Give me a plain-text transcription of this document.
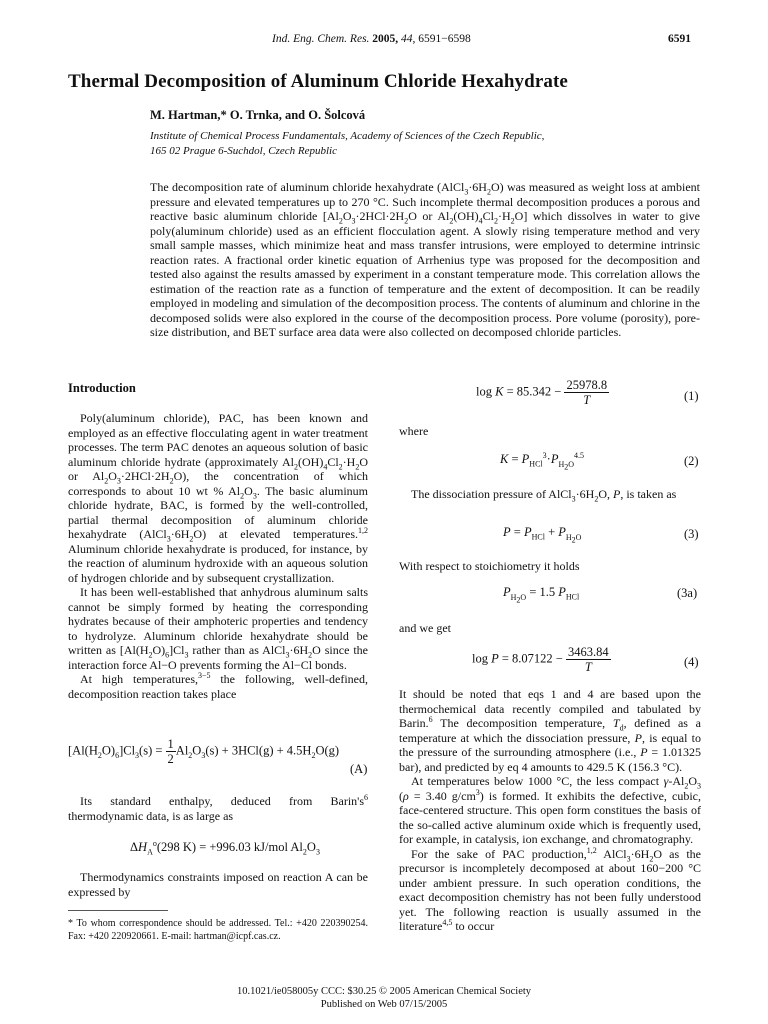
Ind. Eng. Chem. Res. 2005, 44, 6591−6598	6591
Thermal Decomposition of Aluminum Chloride Hexahydrate
M. Hartman,* O. Trnka, and O. Šolcová
Institute of Chemical Process Fundamentals, Academy of Sciences of the Czech Republic,
165 02 Prague 6-Suchdol, Czech Republic

The decomposition rate of aluminum chloride hexahydrate $(AlCl_3\cdot 6H_2O)$ was measured as weight loss at ambient pressure and elevated temperatures up to 270 °C. Such incomplete thermal decomposition produces a porous and reactive basic aluminum chloride [$Al_2O_3\cdot 2HCl\cdot 2H_2O$ or $Al_2(OH)_4Cl_2\cdot H_2O$] which dissolves in water to give poly(aluminum chloride) used as an efficient flocculation agent. A slowly rising temperature method and very small sample masses, which minimize heat and mass transfer intrusions, were employed to determine intrinsic reaction rates. A fractional order kinetic equation of Arrhenius type was proposed for the decomposition and tested also against the results amassed by experiment in a constant temperature mode. This correlation allows the estimation of the reaction rate as a function of temperature and the extent of decomposition. It can be readily employed in modeling and simulation of the decomposition process. The contents of aluminum and chlorine in the decomposed solids were also explored in the course of the decomposition process. Pore volume (porosity), pore-size distribution, and BET surface area data were also collected on decomposed chloride particles.

Introduction

Poly(aluminum chloride), PAC, has been known and employed as an effective flocculating agent in water treatment processes. The term PAC denotes an aqueous solution of basic aluminum chloride hydrate (approximately $Al_2(OH)_4Cl_2\cdot H_2O$ or $Al_2O_3\cdot 2HCl\cdot 2H_2O$), the concentration of which corresponds to about 10 wt % $Al_2O_3$. The basic aluminum chloride hydrate, BAC, is formed by the well-controlled, partial thermal decomposition of aluminum chloride hexahydrate $(AlCl_3\cdot 6H_2O)$ at elevated temperatures.$^{1,2}$ Aluminum chloride hexahydrate is produced, for instance, by the reaction of aluminum hydroxide with an aqueous solution of hydrogen chloride and by subsequent crystallization.

It has been well-established that anhydrous aluminum salts cannot be simply formed by heating the corresponding hydrates because of their amphoteric properties and tendency to hydrolyze. Aluminum chloride hexahydrate should be written as $[Al(H_2O)_6]Cl_3$ rather than as $AlCl_3\cdot 6H_2O$ since the interaction force Al−O prevents forming the Al−Cl bonds.

At high temperatures,$^{3-5}$ the following, well-defined, decomposition reaction takes place

$[Al(H_2O)_6]Cl_3(s) = \frac{1}{2} Al_2O_3(s) + 3HCl(g) + 4.5H_2O(g)$
(A)

Its standard enthalpy, deduced from $Barin's^6$ thermodynamic data, is as large as

$\Delta H_A^o(298$ K) = +996.03 kJ/mol $Al_2O_3$

Thermodynamics constraints imposed on reaction A can be expressed by

* To whom correspondence should be addressed. Tel.: +420 220390254. Fax: +420 220920661. E-mail: hartman@icpf.cas.cz.
$\log K = 85.342 - \frac{25978.8}{T}$	(1)
where
$K = P_{HCl}^3\cdot P_{H_2O}^{4.5}$	(2)

The dissociation pressure of $AlCl_3\cdot 6H_2O$, P, is taken as

$P = P_{HCl} + P_{H_2O}$	(3)
With respect to stoichiometry it holds
$P_{H_2O} = 1.5$ $P_{HCl}$	(3a)
and we get
$\log P = 8.07122 - \frac{3463.84}{T}$	(4)

It should be noted that eqs 1 and 4 are based upon the thermochemical data recently compiled and tabulated by Barin.$^6$ The decomposition temperature, $T_d$, defined as a temperature at which the dissociation pressure, P, is equal to the pressure of the surrounding atmosphere (i.e., P = 1.01325 bar), and predicted by eq 4 amounts to 429.5 K (156.3 °C).

At temperatures below 1000 °C, the less compact $\gamma-Al_2O_3$ (ρ = 3.40 $g/cm^3$) is formed. It exhibits the defective, cubic, face-centered structure. This open form constitues the basis of the so-called active aluminum oxide which is frequently used, for example, in catalysis, ion exchange, and chromatography.

For the sake of PAC production,$^{1,2}$ $AlCl_3\cdot 6H_2O$ as the precursor is incompletely decomposed at about 160−200 °C under ambient pressure. In such operation conditions, the exact decomposition chemistry has not been fully understood yet. The following reaction is usually assumed in the literature$^{4,5}$ to occur

10.1021/ie058005y CCC: $30.25 © 2005 American Chemical Society
Published on Web 07/15/2005
